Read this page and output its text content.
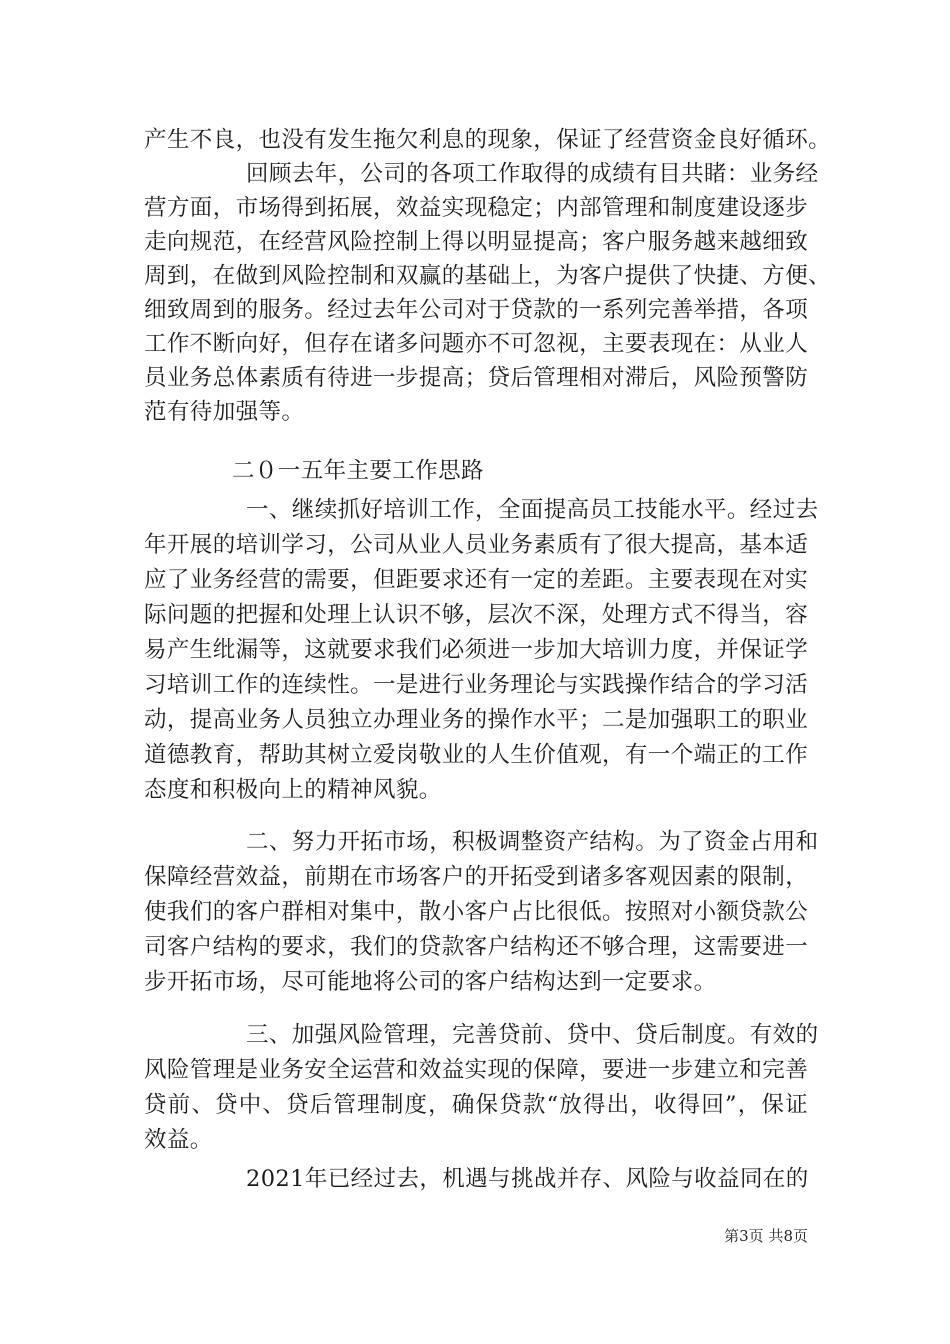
产生不良，也没有发生拖欠利息的现象，保证了经营资金良好循环。
回顾去年，公司的各项工作取得的成绩有目共睹：业务经
营方面，市场得到拓展，效益实现稳定；内部管理和制度建设逐步
走向规范，在经营风险控制上得以明显提高；客户服务越来越细致
周到，在做到风险控制和双赢的基础上，为客户提供了快捷、方便、
细致周到的服务。经过去年公司对于贷款的一系列完善举措，各项
工作不断向好，但存在诸多问题亦不可忽视，主要表现在：从业人
员业务总体素质有待进一步提高；贷后管理相对滞后，风险预警防
范有待加强等。
二０一五年主要工作思路
一、继续抓好培训工作，全面提高员工技能水平。经过去
年开展的培训学习，公司从业人员业务素质有了很大提高，基本适
应了业务经营的需要，但距要求还有一定的差距。主要表现在对实
际问题的把握和处理上认识不够，层次不深，处理方式不得当，容
易产生纰漏等，这就要求我们必须进一步加大培训力度，并保证学
习培训工作的连续性。一是进行业务理论与实践操作结合的学习活
动，提高业务人员独立办理业务的操作水平；二是加强职工的职业
道德教育，帮助其树立爱岗敬业的人生价值观，有一个端正的工作
态度和积极向上的精神风貌。
二、努力开拓市场，积极调整资产结构。为了资金占用和
保障经营效益，前期在市场客户的开拓受到诸多客观因素的限制，
使我们的客户群相对集中，散小客户占比很低。按照对小额贷款公
司客户结构的要求，我们的贷款客户结构还不够合理，这需要进一
步开拓市场，尽可能地将公司的客户结构达到一定要求。
三、加强风险管理，完善贷前、贷中、贷后制度。有效的
风险管理是业务安全运营和效益实现的保障，要进一步建立和完善
贷前、贷中、贷后管理制度，确保贷款“放得出，收得回”，保证
效益。
2021年已经过去，机遇与挑战并存、风险与收益同在的
第3页 共8页
